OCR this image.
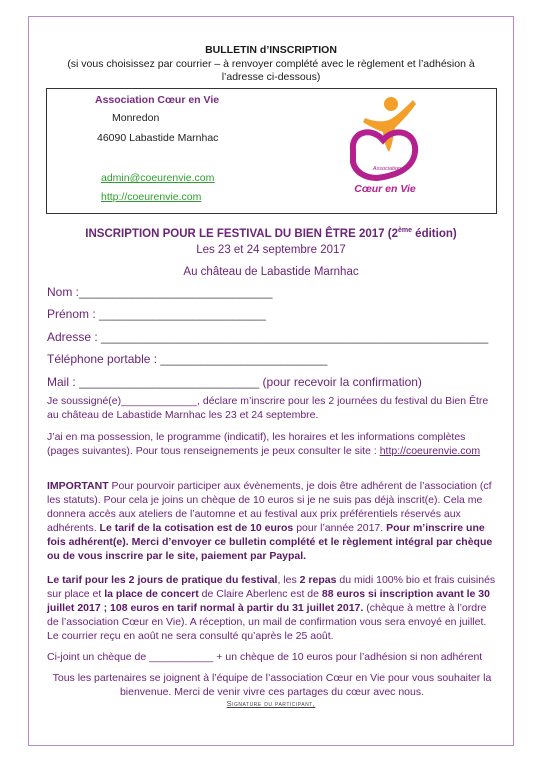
BULLETIN d’INSCRIPTION
(si vous choisissez par courrier – à renvoyer complété avec le règlement et l’adhésion à l’adresse ci-dessous)
Association Cœur en Vie
Monredon
46090 Labastide Marnhac
admin@coeurenvie.com
http://coeurenvie.com
Association
Cœur en Vie
INSCRIPTION POUR LE FESTIVAL DU BIEN ÊTRE 2017 (2ème édition)
Les 23 et 24 septembre 2017
Au château de Labastide Marnhac
Nom :_____________________________
Prénom : _________________________
Adresse : __________________________________________________________
Téléphone portable : _________________________
Mail : ___________________________ (pour recevoir la confirmation)
Je soussigné(e)_____________, déclare m’inscrire pour les 2 journées du festival du Bien Être au château de Labastide Marnhac les 23 et 24 septembre.
J’ai en ma possession, le programme (indicatif), les horaires et les informations complètes (pages suivantes). Pour tous renseignements je peux consulter le site : http://coeurenvie.com
IMPORTANT Pour pourvoir participer aux évènements, je dois être adhérent de l’association (cf les statuts). Pour cela je joins un chèque de 10 euros si je ne suis pas déjà inscrit(e). Cela me donnera accès aux ateliers de l’automne et au festival aux prix préférentiels réservés aux adhérents. Le tarif de la cotisation est de 10 euros pour l’année 2017. Pour m’inscrire une fois adhérent(e). Merci d’envoyer ce bulletin complété et le règlement intégral par chèque ou de vous inscrire par le site, paiement par Paypal.
Le tarif pour les 2 jours de pratique du festival, les 2 repas du midi 100% bio et frais cuisinés sur place et la place de concert de Claire Aberlenc est de 88 euros si inscription avant le 30 juillet 2017 ; 108 euros en tarif normal à partir du 31 juillet 2017. (chèque à mettre à l’ordre de l’association Cœur en Vie). A réception, un mail de confirmation vous sera envoyé en juillet. Le courrier reçu en août ne sera consulté qu’après le 25 août.
Ci-joint un chèque de ___________ + un chèque de 10 euros pour l’adhésion si non adhérent
Tous les partenaires se joignent à l’équipe de l’association Cœur en Vie pour vous souhaiter la bienvenue. Merci de venir vivre ces partages du cœur avec nous.
Signature du participant,
